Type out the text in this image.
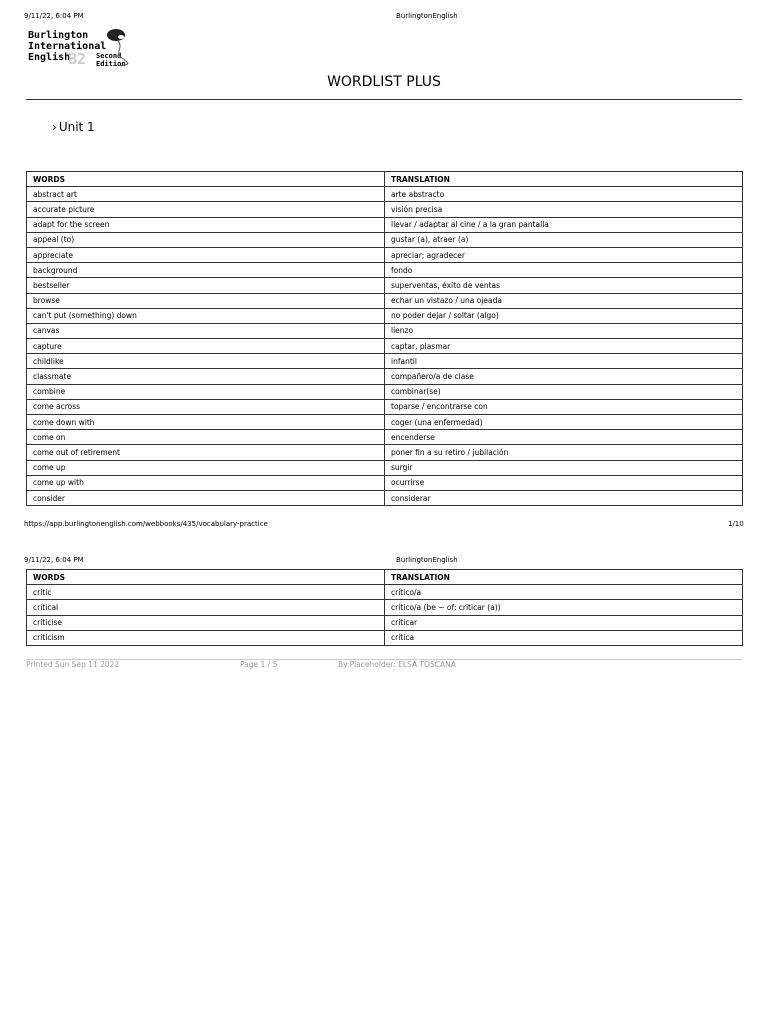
9/11/22, 6:04 PM	BurlingtonEnglish
Burlington
International
English
B2 Second
Edition
WORDLIST PLUS
› Unit 1
WORDS	TRANSLATION
abstract art	arte abstracto
accurate picture	visión precisa
adapt for the screen	llevar / adaptar al cine / a la gran pantalla
appeal (to)	gustar (a), atraer (a)
appreciate	apreciar; agradecer
background	fondo
bestseller	superventas, éxito de ventas
browse	echar un vistazo / una ojeada
can't put (something) down	no poder dejar / soltar (algo)
canvas	lienzo
capture	captar, plasmar
childlike	infantil
classmate	compañero/a de clase
combine	combinar(se)
come across	toparse / encontrarse con
come down with	coger (una enfermedad)
come on	encenderse
come out of retirement	poner fin a su retiro / jubilación
come up	surgir
come up with	ocurrirse
consider	considerar
https://app.burlingtonenglish.com/webbooks/435/vocabulary-practice	1/10
9/11/22, 6:04 PM	BurlingtonEnglish
WORDS	TRANSLATION
critic	crítico/a
critical	crítico/a (be ~ of: criticar (a))
criticise	criticar
criticism	crítica
Printed Sun Sep 11 2022	Page 1 / 5	By:Placeholder: ELSA TOSCANA
